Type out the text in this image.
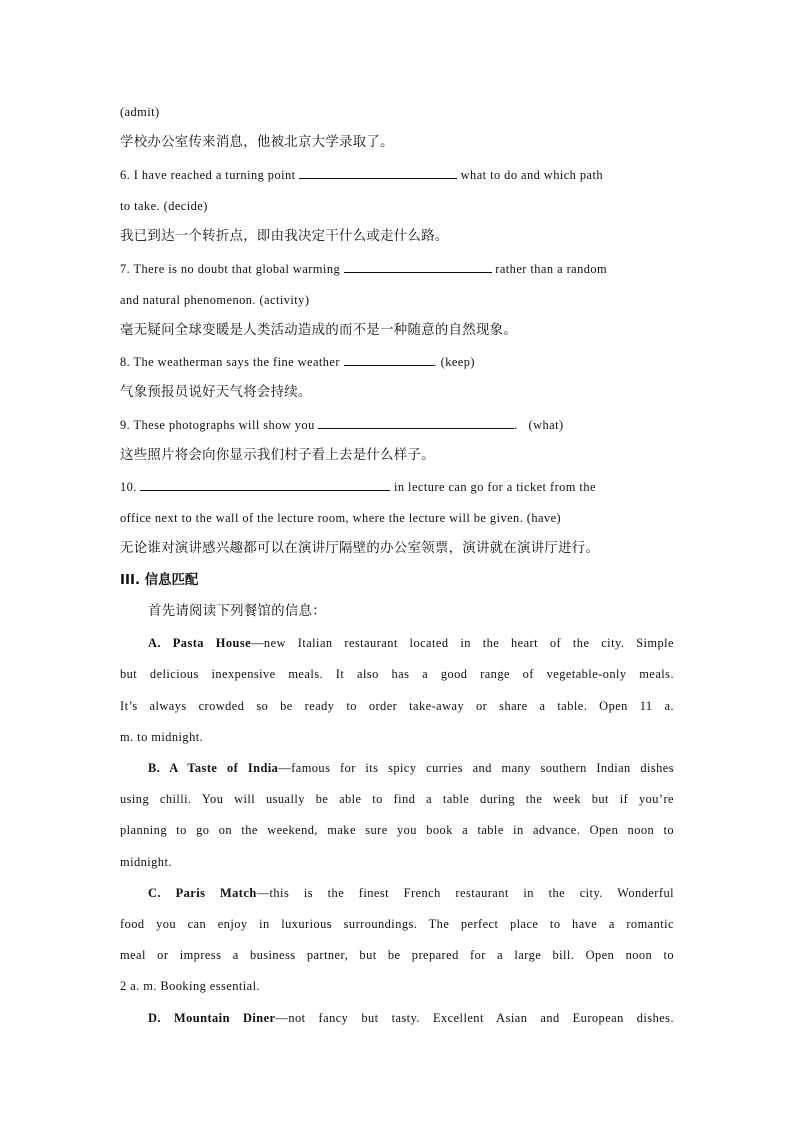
(admit)
学校办公室传来消息，他被北京大学录取了。
6. I have reached a turning point	what to do and which path
to take. (decide)
我已到达一个转折点，即由我决定干什么或走什么路。
7. There is no doubt that global warming	rather than a random
and natural phenomenon. (activity)
毫无疑问全球变暖是人类活动造成的而不是一种随意的自然现象。
8. The weatherman says the fine weather	. (keep)
气象预报员说好天气将会持续。
9. These photographs will show you	. (what)
这些照片将会向你显示我们村子看上去是什么样子。
10.	in lecture can go for a ticket from the
office next to the wall of the lecture room, where the lecture will be given. (have)
无论谁对演讲感兴趣都可以在演讲厅隔壁的办公室领票，演讲就在演讲厅进行。
III. 信息匹配
首先请阅读下列餐馆的信息：
A. Pasta House—new Italian restaurant located in the heart of the city. Simple
but delicious inexpensive meals. It also has a good range of vegetable-only meals.
It’s always crowded so be ready to order take-away or share a table. Open 11 a.
m. to midnight.
B. A Taste of India—famous for its spicy curries and many southern Indian dishes
using chilli. You will usually be able to find a table during the week but if you’re
planning to go on the weekend, make sure you book a table in advance. Open noon to
midnight.
C. Paris Match—this is the finest French restaurant in the city. Wonderful
food you can enjoy in luxurious surroundings. The perfect place to have a romantic
meal or impress a business partner, but be prepared for a large bill. Open noon to
2 a. m. Booking essential.
D. Mountain Diner—not fancy but tasty. Excellent Asian and European dishes.
